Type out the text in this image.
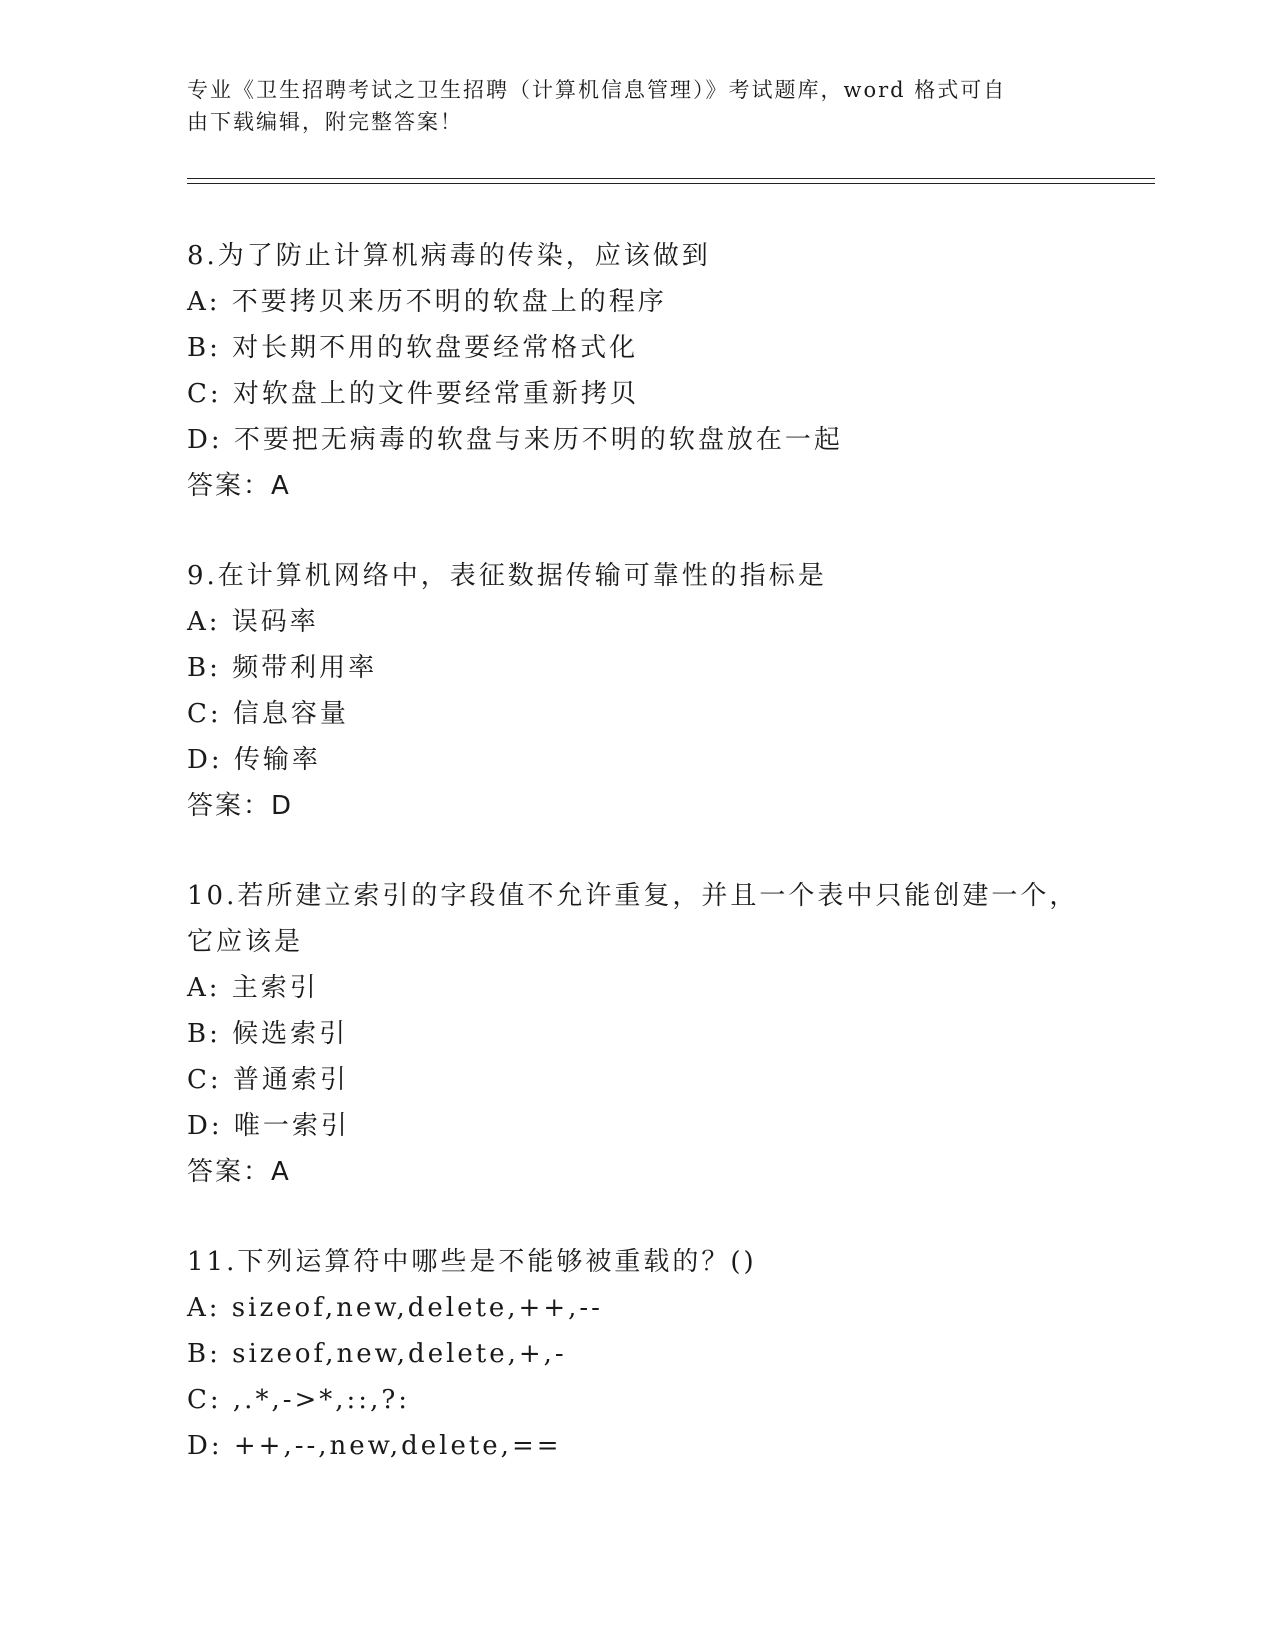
专业《卫生招聘考试之卫生招聘（计算机信息管理）》考试题库，word 格式可自
由下载编辑，附完整答案！
8.为了防止计算机病毒的传染，应该做到
A: 不要拷贝来历不明的软盘上的程序
B: 对长期不用的软盘要经常格式化
C: 对软盘上的文件要经常重新拷贝
D: 不要把无病毒的软盘与来历不明的软盘放在一起
答案：A
9.在计算机网络中，表征数据传输可靠性的指标是
A: 误码率
B: 频带利用率
C: 信息容量
D: 传输率
答案：D
10.若所建立索引的字段值不允许重复，并且一个表中只能创建一个，
它应该是
A: 主索引
B: 候选索引
C: 普通索引
D: 唯一索引
答案：A
11.下列运算符中哪些是不能够被重载的？()
A: sizeof,new,delete,++,--
B: sizeof,new,delete,+,-
C: ,.*,->*,::,?:
D: ++,--,new,delete,==
